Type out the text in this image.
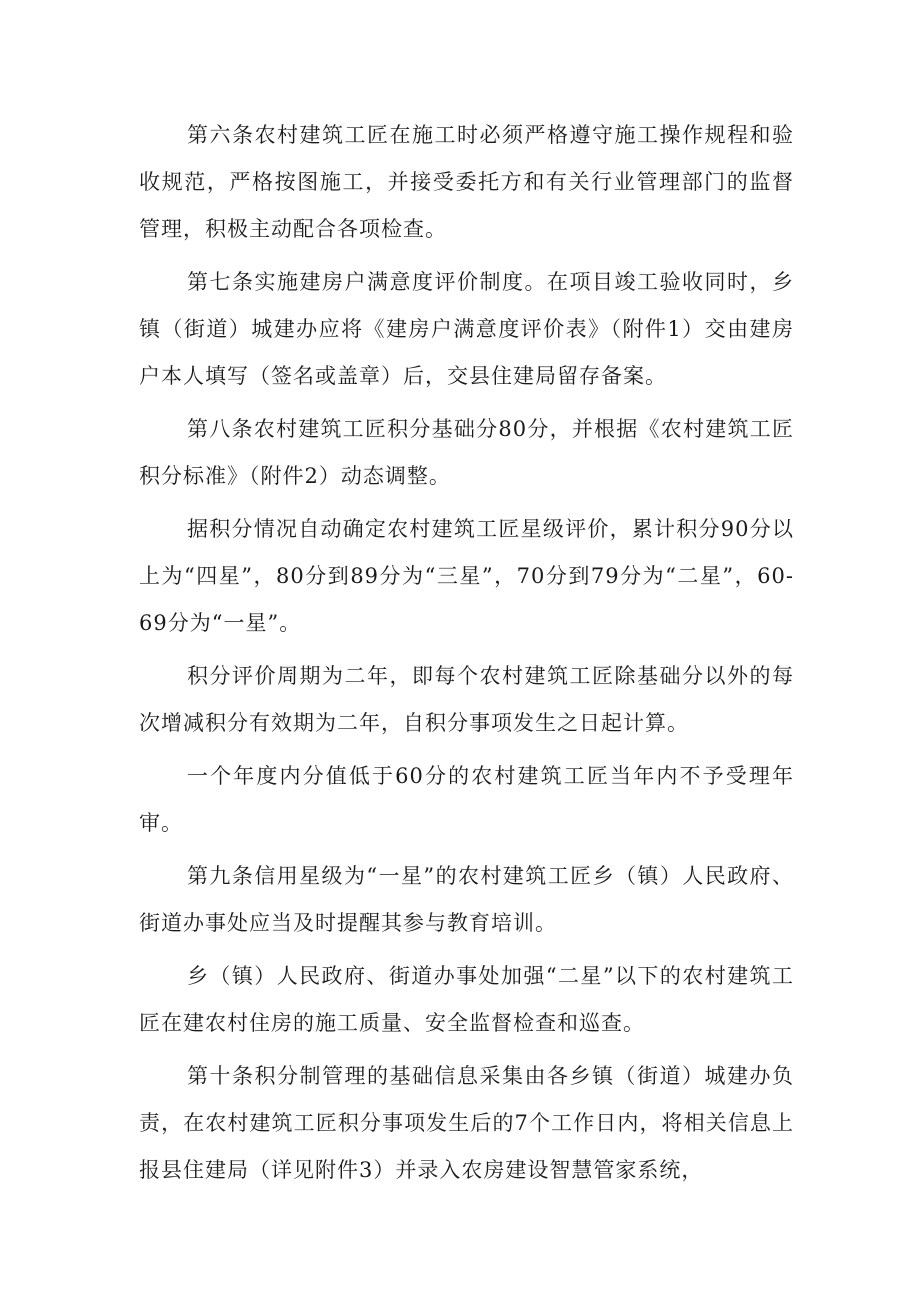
第六条农村建筑工匠在施工时必须严格遵守施工操作规程和验收规范，严格按图施工，并接受委托方和有关行业管理部门的监督管理，积极主动配合各项检查。

第七条实施建房户满意度评价制度。在项目竣工验收同时，乡镇（街道）城建办应将《建房户满意度评价表》（附件1）交由建房户本人填写（签名或盖章）后，交县住建局留存备案。

第八条农村建筑工匠积分基础分80分，并根据《农村建筑工匠积分标准》（附件2）动态调整。

据积分情况自动确定农村建筑工匠星级评价，累计积分90分以上为“四星”，80分到89分为“三星”，70分到79分为“二星”，60-69分为“一星”。

积分评价周期为二年，即每个农村建筑工匠除基础分以外的每次增减积分有效期为二年，自积分事项发生之日起计算。

一个年度内分值低于60分的农村建筑工匠当年内不予受理年审。

第九条信用星级为“一星”的农村建筑工匠乡（镇）人民政府、街道办事处应当及时提醒其参与教育培训。

乡（镇）人民政府、街道办事处加强“二星”以下的农村建筑工匠在建农村住房的施工质量、安全监督检查和巡查。

第十条积分制管理的基础信息采集由各乡镇（街道）城建办负责，在农村建筑工匠积分事项发生后的7个工作日内，将相关信息上报县住建局（详见附件3）并录入农房建设智慧管家系统，
